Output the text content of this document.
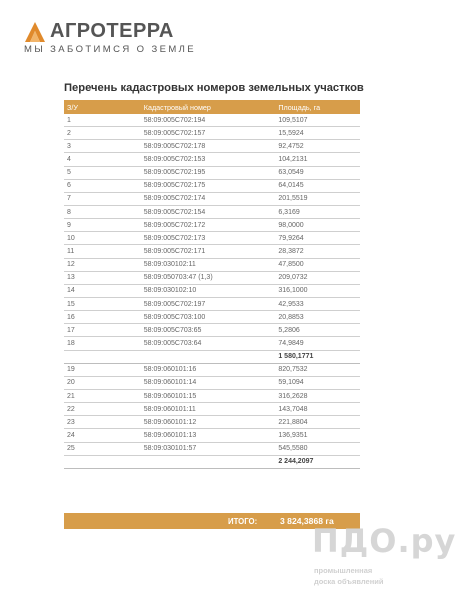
АГРОТЕРРА
МЫ ЗАБОТИМСЯ О ЗЕМЛЕ
Перечень кадастровых номеров земельных участков
З/У	Кадастровый номер	Площадь, га
1	58:09:005С702:194	109,5107
2	58:09:005С702:157	15,5924
3	58:09:005С702:178	92,4752
4	58:09:005С702:153	104,2131
5	58:09:005С702:195	63,0549
6	58:09:005С702:175	64,0145
7	58:09:005С702:174	201,5519
8	58:09:005С702:154	6,3169
9	58:09:005С702:172	98,0000
10	58:09:005С702:173	79,9264
11	58:09:005С702:171	28,3872
12	58:09:030102:11	47,8500
13	58:09:050703:47 (1,3)	209,0732
14	58:09:030102:10	316,1000
15	58:09:005С702:197	42,9533
16	58:09:005С703:100	20,8853
17	58:09:005С703:65	5,2806
18	58:09:005С703:64	74,9849
		1 580,1771
19	58:09:060101:16	820,7532
20	58:09:060101:14	59,1094
21	58:09:060101:15	316,2628
22	58:09:060101:11	143,7048
23	58:09:060101:12	221,8804
24	58:09:060101:13	136,9351
25	58:09:030101:57	545,5580
		2 244,2097
ИТОГО:	3 824,3868 га
ПДО.ру
промышленная
доска объявлений
